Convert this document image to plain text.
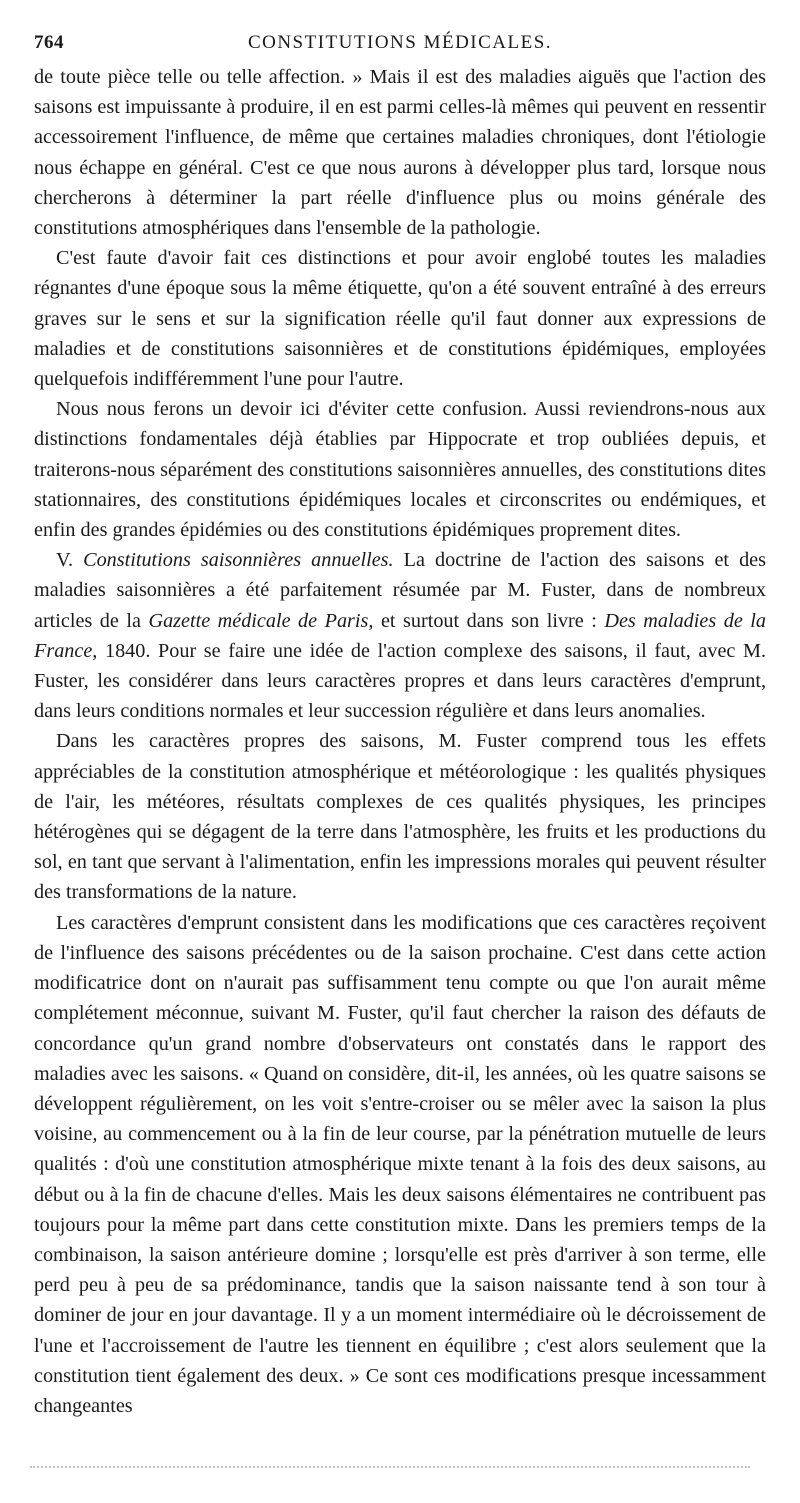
764	CONSTITUTIONS MÉDICALES.

de toute pièce telle ou telle affection. » Mais il est des maladies aiguës que l'action des saisons est impuissante à produire, il en est parmi celles-là mêmes qui peuvent en ressentir accessoirement l'influence, de même que certaines maladies chroniques, dont l'étiologie nous échappe en général. C'est ce que nous aurons à développer plus tard, lorsque nous chercherons à déterminer la part réelle d'influence plus ou moins générale des constitutions atmosphériques dans l'ensemble de la pathologie.

C'est faute d'avoir fait ces distinctions et pour avoir englobé toutes les maladies régnantes d'une époque sous la même étiquette, qu'on a été souvent entraîné à des erreurs graves sur le sens et sur la signification réelle qu'il faut donner aux expressions de maladies et de constitutions saisonnières et de constitutions épidémiques, employées quelquefois indifféremment l'une pour l'autre.

Nous nous ferons un devoir ici d'éviter cette confusion. Aussi reviendrons-nous aux distinctions fondamentales déjà établies par Hippocrate et trop oubliées depuis, et traiterons-nous séparément des constitutions saisonnières annuelles, des constitutions dites stationnaires, des constitutions épidémiques locales et circonscrites ou endémiques, et enfin des grandes épidémies ou des constitutions épidémiques proprement dites.

V. Constitutions saisonnières annuelles. La doctrine de l'action des saisons et des maladies saisonnières a été parfaitement résumée par M. Fuster, dans de nombreux articles de la Gazette médicale de Paris, et surtout dans son livre : Des maladies de la France, 1840. Pour se faire une idée de l'action complexe des saisons, il faut, avec M. Fuster, les considérer dans leurs caractères propres et dans leurs caractères d'emprunt, dans leurs conditions normales et leur succession régulière et dans leurs anomalies.

Dans les caractères propres des saisons, M. Fuster comprend tous les effets appréciables de la constitution atmosphérique et météorologique : les qualités physiques de l'air, les météores, résultats complexes de ces qualités physiques, les principes hétérogènes qui se dégagent de la terre dans l'atmosphère, les fruits et les productions du sol, en tant que servant à l'alimentation, enfin les impressions morales qui peuvent résulter des transformations de la nature.

Les caractères d'emprunt consistent dans les modifications que ces caractères reçoivent de l'influence des saisons précédentes ou de la saison prochaine. C'est dans cette action modificatrice dont on n'aurait pas suffisamment tenu compte ou que l'on aurait même complétement méconnue, suivant M. Fuster, qu'il faut chercher la raison des défauts de concordance qu'un grand nombre d'observateurs ont constatés dans le rapport des maladies avec les saisons. « Quand on considère, dit-il, les années, où les quatre saisons se développent régulièrement, on les voit s'entre-croiser ou se mêler avec la saison la plus voisine, au commencement ou à la fin de leur course, par la pénétration mutuelle de leurs qualités : d'où une constitution atmosphérique mixte tenant à la fois des deux saisons, au début ou à la fin de chacune d'elles. Mais les deux saisons élémentaires ne contribuent pas toujours pour la même part dans cette constitution mixte. Dans les premiers temps de la combinaison, la saison antérieure domine ; lorsqu'elle est près d'arriver à son terme, elle perd peu à peu de sa prédominance, tandis que la saison naissante tend à son tour à dominer de jour en jour davantage. Il y a un moment intermédiaire où le décroissement de l'une et l'accroissement de l'autre les tiennent en équilibre ; c'est alors seulement que la constitution tient également des deux. » Ce sont ces modifications presque incessamment changeantes
